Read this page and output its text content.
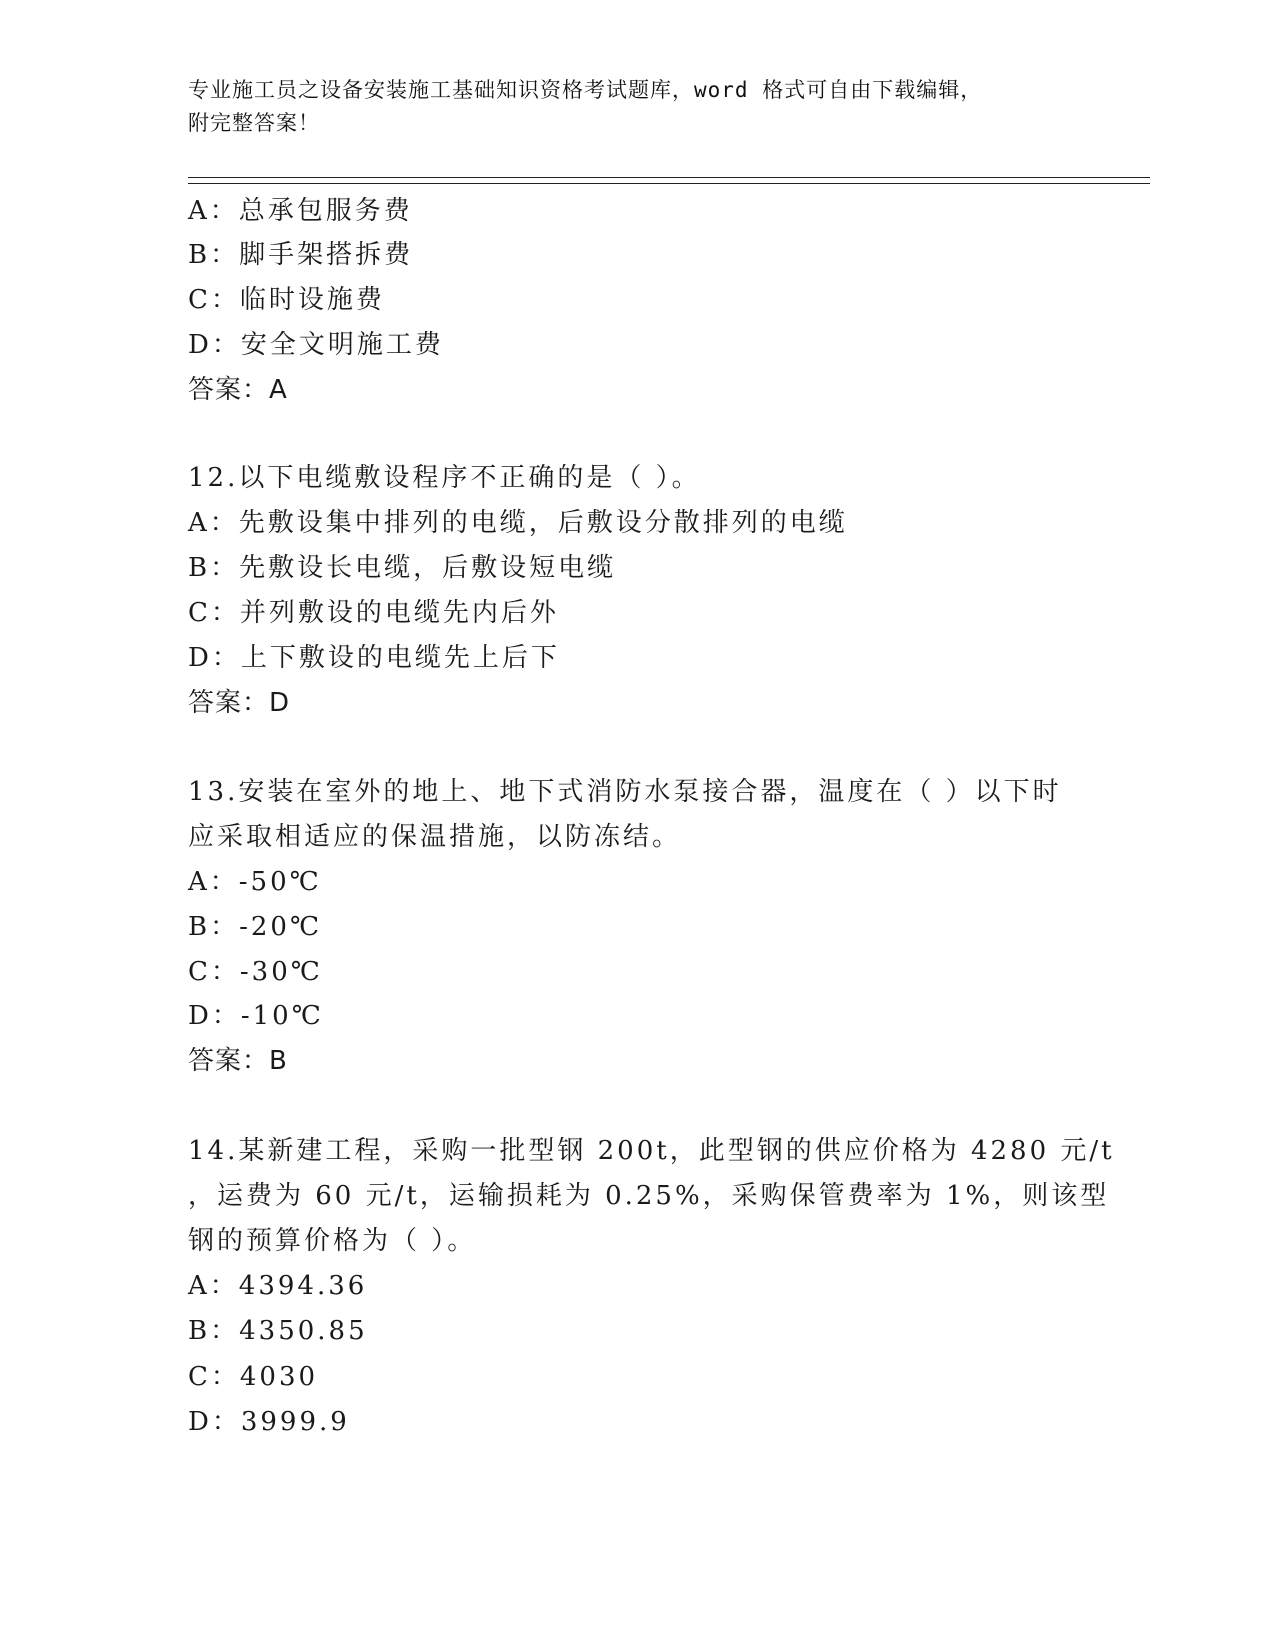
专业施工员之设备安装施工基础知识资格考试题库，word 格式可自由下载编辑，
附完整答案！
A：总承包服务费
B：脚手架搭拆费
C：临时设施费
D：安全文明施工费
答案：A
12.以下电缆敷设程序不正确的是（ ）。
A：先敷设集中排列的电缆，后敷设分散排列的电缆
B：先敷设长电缆，后敷设短电缆
C：并列敷设的电缆先内后外
D：上下敷设的电缆先上后下
答案：D
13.安装在室外的地上、地下式消防水泵接合器，温度在（ ）以下时
应采取相适应的保温措施，以防冻结。
A：-50℃
B：-20℃
C：-30℃
D：-10℃
答案：B
14.某新建工程，采购一批型钢 200t，此型钢的供应价格为 4280 元/t
，运费为 60 元/t，运输损耗为 0.25%，采购保管费率为 1%，则该型
钢的预算价格为（ ）。
A：4394.36
B：4350.85
C：4030
D：3999.9
